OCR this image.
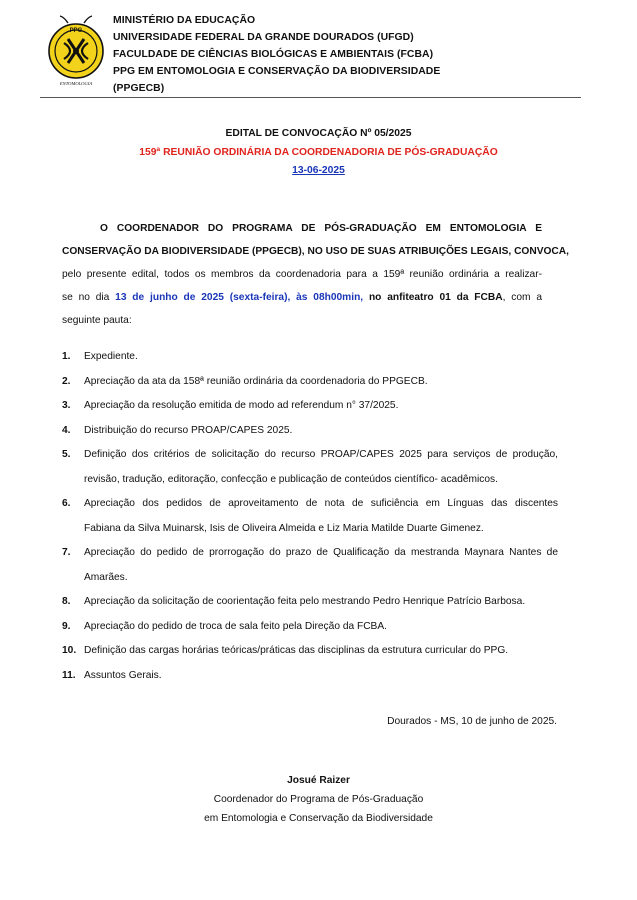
PPG
ENTOMOLOGIA
MINISTÉRIO DA EDUCAÇÃO
UNIVERSIDADE FEDERAL DA GRANDE DOURADOS (UFGD)
FACULDADE DE CIÊNCIAS BIOLÓGICAS E AMBIENTAIS (FCBA)
PPG EM ENTOMOLOGIA E CONSERVAÇÃO DA BIODIVERSIDADE
(PPGECB)
EDITAL DE CONVOCAÇÃO Nº 05/2025
159ª REUNIÃO ORDINÁRIA DA COORDENADORIA DE PÓS-GRADUAÇÃO
13-06-2025
O COORDENADOR DO PROGRAMA DE PÓS-GRADUAÇÃO EM ENTOMOLOGIA E
CONSERVAÇÃO DA BIODIVERSIDADE (PPGECB), NO USO DE SUAS ATRIBUIÇÕES LEGAIS, CONVOCA,
pelo presente edital, todos os membros da coordenadoria para a 159ª reunião ordinária a realizar-
se no dia 13 de junho de 2025 (sexta-feira), às 08h00min, no anfiteatro 01 da FCBA, com a
seguinte pauta:
1.	Expediente.
2.	Apreciação da ata da 158ª reunião ordinária da coordenadoria do PPGECB.
3.	Apreciação da resolução emitida de modo ad referendum n° 37/2025.
4.	Distribuição do recurso PROAP/CAPES 2025.
5.	Definição dos critérios de solicitação do recurso PROAP/CAPES 2025 para serviços de produção,
revisão, tradução, editoração, confecção e publicação de conteúdos científico- acadêmicos.
6.	Apreciação dos pedidos de aproveitamento de nota de suficiência em Línguas das discentes
Fabiana da Silva Muinarsk, Isis de Oliveira Almeida e Liz Maria Matilde Duarte Gimenez.
7.	Apreciação do pedido de prorrogação do prazo de Qualificação da mestranda Maynara Nantes de
Amarães.
8.	Apreciação da solicitação de coorientação feita pelo mestrando Pedro Henrique Patrício Barbosa.
9.	Apreciação do pedido de troca de sala feito pela Direção da FCBA.
10. Definição das cargas horárias teóricas/práticas das disciplinas da estrutura curricular do PPG.
11. Assuntos Gerais.
Dourados - MS, 10 de junho de 2025.
Josué Raizer
Coordenador do Programa de Pós-Graduação
em Entomologia e Conservação da Biodiversidade
